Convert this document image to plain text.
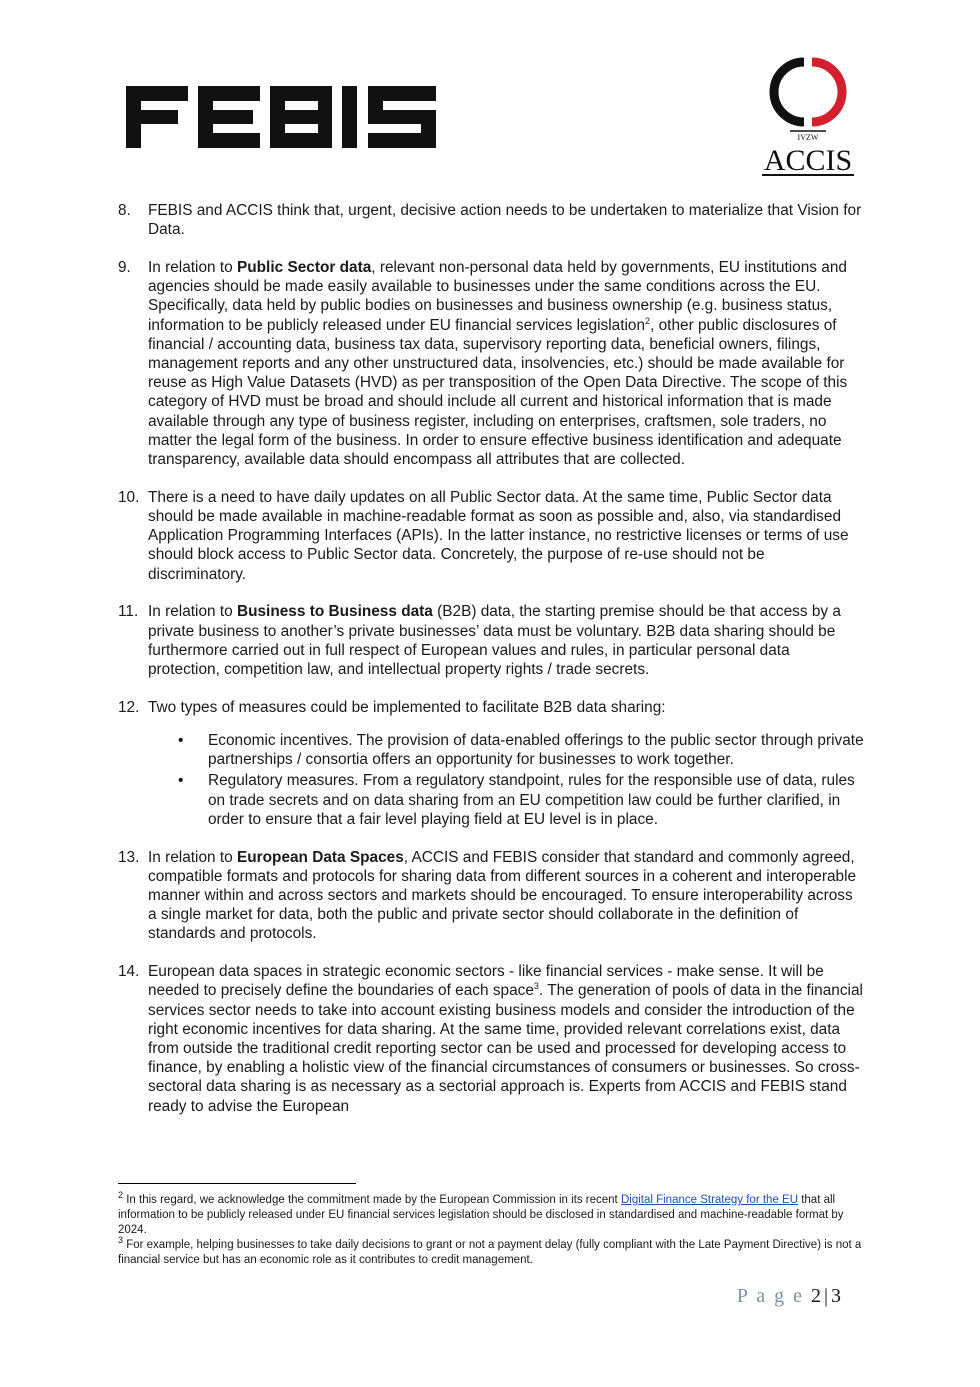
IVZW
ACCIS
8. FEBIS and ACCIS think that, urgent, decisive action needs to be undertaken to materialize that Vision for Data.
9. In relation to Public Sector data, relevant non-personal data held by governments, EU institutions and agencies should be made easily available to businesses under the same conditions across the EU. Specifically, data held by public bodies on businesses and business ownership (e.g. business status, information to be publicly released under EU financial services legislation$^2$, other public disclosures of financial / accounting data, business tax data, supervisory reporting data, beneficial owners, filings, management reports and any other unstructured data, insolvencies, etc.) should be made available for reuse as High Value Datasets (HVD) as per transposition of the Open Data Directive. The scope of this category of HVD must be broad and should include all current and historical information that is made available through any type of business register, including on enterprises, craftsmen, sole traders, no matter the legal form of the business. In order to ensure effective business identification and adequate transparency, available data should encompass all attributes that are collected.
10. There is a need to have daily updates on all Public Sector data. At the same time, Public Sector data should be made available in machine-readable format as soon as possible and, also, via standardised Application Programming Interfaces (APIs). In the latter instance, no restrictive licenses or terms of use should block access to Public Sector data. Concretely, the purpose of re-use should not be discriminatory.
11. In relation to Business to Business data (B2B) data, the starting premise should be that access by a private business to another’s private businesses’ data must be voluntary. B2B data sharing should be furthermore carried out in full respect of European values and rules, in particular personal data protection, competition law, and intellectual property rights / trade secrets.
12. Two types of measures could be implemented to facilitate B2B data sharing:

• Economic incentives. The provision of data-enabled offerings to the public sector through private partnerships / consortia offers an opportunity for businesses to work together.
• Regulatory measures. From a regulatory standpoint, rules for the responsible use of data, rules on trade secrets and on data sharing from an EU competition law could be further clarified, in order to ensure that a fair level playing field at EU level is in place.
13. In relation to European Data Spaces, ACCIS and FEBIS consider that standard and commonly agreed, compatible formats and protocols for sharing data from different sources in a coherent and interoperable manner within and across sectors and markets should be encouraged. To ensure interoperability across a single market for data, both the public and private sector should collaborate in the definition of standards and protocols.
14. European data spaces in strategic economic sectors - like financial services - make sense. It will be needed to precisely define the boundaries of each space$^3$. The generation of pools of data in the financial services sector needs to take into account existing business models and consider the introduction of the right economic incentives for data sharing. At the same time, provided relevant correlations exist, data from outside the traditional credit reporting sector can be used and processed for developing access to finance, by enabling a holistic view of the financial circumstances of consumers or businesses. So cross-sectoral data sharing is as necessary as a sectorial approach is. Experts from ACCIS and FEBIS stand ready to advise the European

$^2$ In this regard, we acknowledge the commitment made by the European Commission in its recent Digital Finance Strategy for the EU that all information to be publicly released under EU financial services legislation should be disclosed in standardised and machine-readable format by 2024.

$^3$ For example, helping businesses to take daily decisions to grant or not a payment delay (fully compliant with the Late Payment Directive) is not a financial service but has an economic role as it contributes to credit management.

P a g e 2 | 3
